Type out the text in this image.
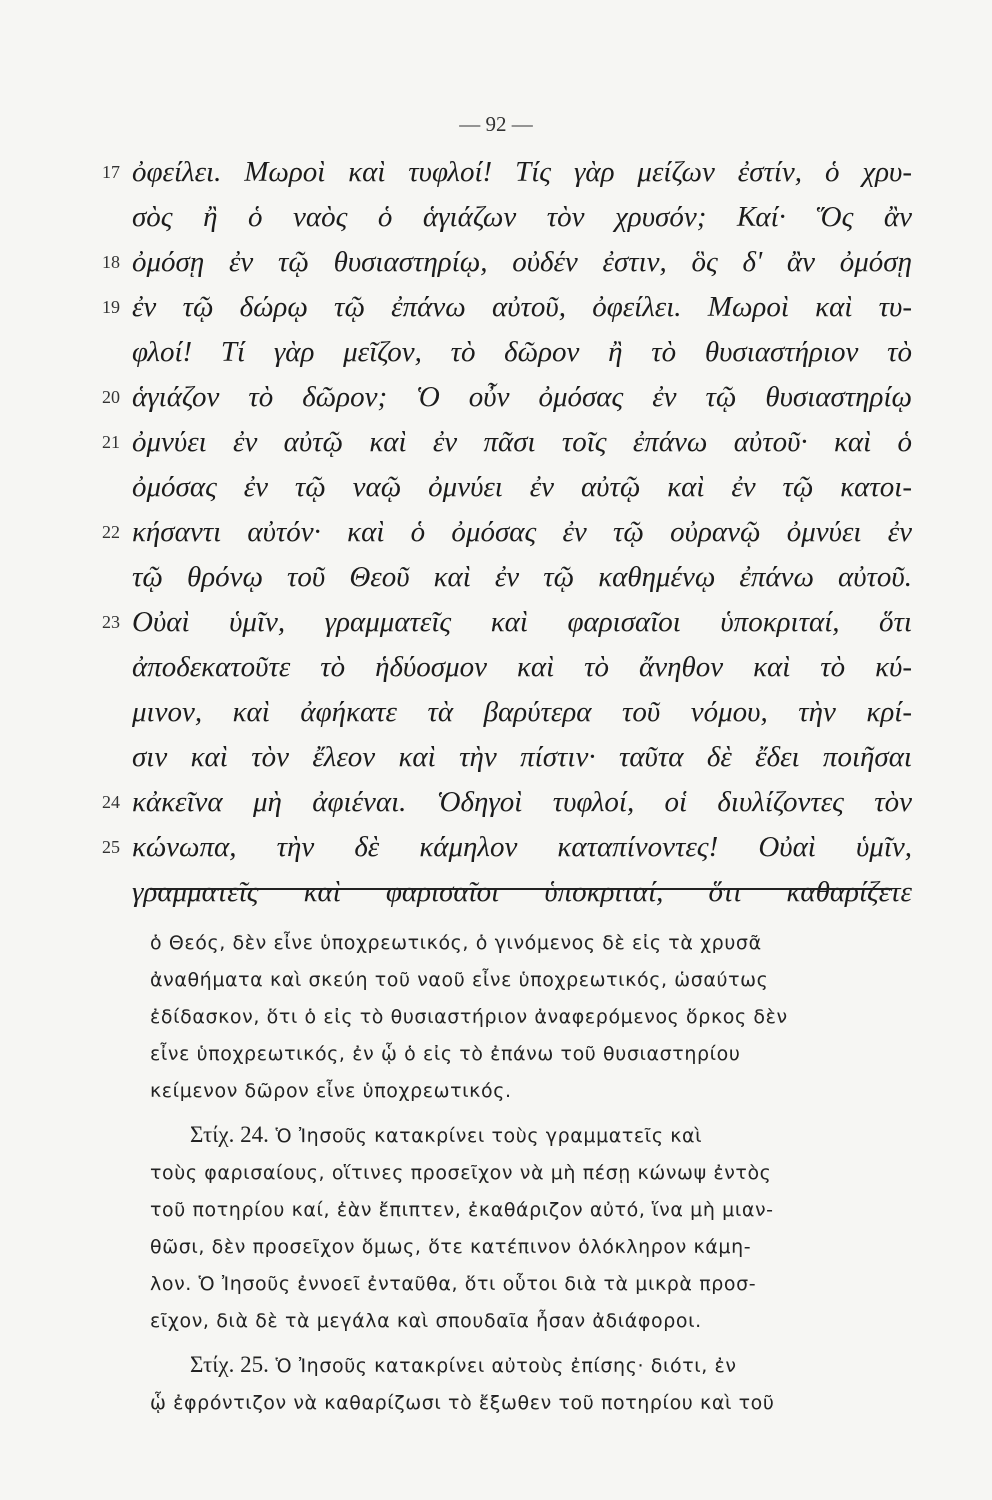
— 92 —
17 ὀφείλει. Μωροὶ καὶ τυφλοί! Τίς γὰρ μείζων ἐστίν, ὁ χρυ-
σὸς ἢ ὁ ναὸς ὁ ἁγιάζων τὸν χρυσόν; Καί· Ὅς ἂν
18 ὀμόσῃ ἐν τῷ θυσιαστηρίῳ, οὐδέν ἐστιν, ὃς δ' ἂν ὀμόσῃ
19 ἐν τῷ δώρῳ τῷ ἐπάνω αὐτοῦ, ὀφείλει. Μωροὶ καὶ τυ-
φλοί! Τί γὰρ μεῖζον, τὸ δῶρον ἢ τὸ θυσιαστήριον τὸ
20 ἁγιάζον τὸ δῶρον; Ὁ οὖν ὀμόσας ἐν τῷ θυσιαστηρίῳ
21 ὀμνύει ἐν αὐτῷ καὶ ἐν πᾶσι τοῖς ἐπάνω αὐτοῦ· καὶ ὁ
ὀμόσας ἐν τῷ ναῷ ὀμνύει ἐν αὐτῷ καὶ ἐν τῷ κατοι-
22 κήσαντι αὐτόν· καὶ ὁ ὀμόσας ἐν τῷ οὐρανῷ ὀμνύει ἐν
τῷ θρόνῳ τοῦ Θεοῦ καὶ ἐν τῷ καθημένῳ ἐπάνω αὐτοῦ.
23 Οὐαὶ ὑμῖν, γραμματεῖς καὶ φαρισαῖοι ὑποκριταί, ὅτι
ἀποδεκατοῦτε τὸ ἡδύοσμον καὶ τὸ ἄνηθον καὶ τὸ κύ-
μινον, καὶ ἀφήκατε τὰ βαρύτερα τοῦ νόμου, τὴν κρί-
σιν καὶ τὸν ἔλεον καὶ τὴν πίστιν· ταῦτα δὲ ἔδει ποιῆσαι
24 κἀκεῖνα μὴ ἀφιέναι. Ὁδηγοὶ τυφλοί, οἱ διυλίζοντες τὸν
25 κώνωπα, τὴν δὲ κάμηλον καταπίνοντες! Οὐαὶ ὑμῖν,
γραμματεῖς καὶ φαρισαῖοι ὑποκριταί, ὅτι καθαρίζετε
ὁ Θεός, δὲν εἶνε ὑποχρεωτικός, ὁ γινόμενος δὲ εἰς τὰ χρυσᾶ
ἀναθήματα καὶ σκεύη τοῦ ναοῦ εἶνε ὑποχρεωτικός, ὡσαύτως
ἐδίδασκον, ὅτι ὁ εἰς τὸ θυσιαστήριον ἀναφερόμενος ὅρκος δὲν
εἶνε ὑποχρεωτικός, ἐν ᾧ ὁ εἰς τὸ ἐπάνω τοῦ θυσιαστηρίου
κείμενον δῶρον εἶνε ὑποχρεωτικός.
Στίχ. 24. Ὁ Ἰησοῦς κατακρίνει τοὺς γραμματεῖς καὶ
τοὺς φαρισαίους, οἵτινες προσεῖχον νὰ μὴ πέσῃ κώνωψ ἐντὸς
τοῦ ποτηρίου καί, ἐὰν ἔπιπτεν, ἐκαθάριζον αὐτό, ἵνα μὴ μιαν-
θῶσι, δὲν προσεῖχον ὅμως, ὅτε κατέπινον ὁλόκληρον κάμη-
λον. Ὁ Ἰησοῦς ἐννοεῖ ἐνταῦθα, ὅτι οὗτοι διὰ τὰ μικρὰ προσ-
εῖχον, διὰ δὲ τὰ μεγάλα καὶ σπουδαῖα ἦσαν ἀδιάφοροι.
Στίχ. 25. Ὁ Ἰησοῦς κατακρίνει αὐτοὺς ἐπίσης· διότι, ἐν
ᾧ ἐφρόντιζον νὰ καθαρίζωσι τὸ ἔξωθεν τοῦ ποτηρίου καὶ τοῦ
